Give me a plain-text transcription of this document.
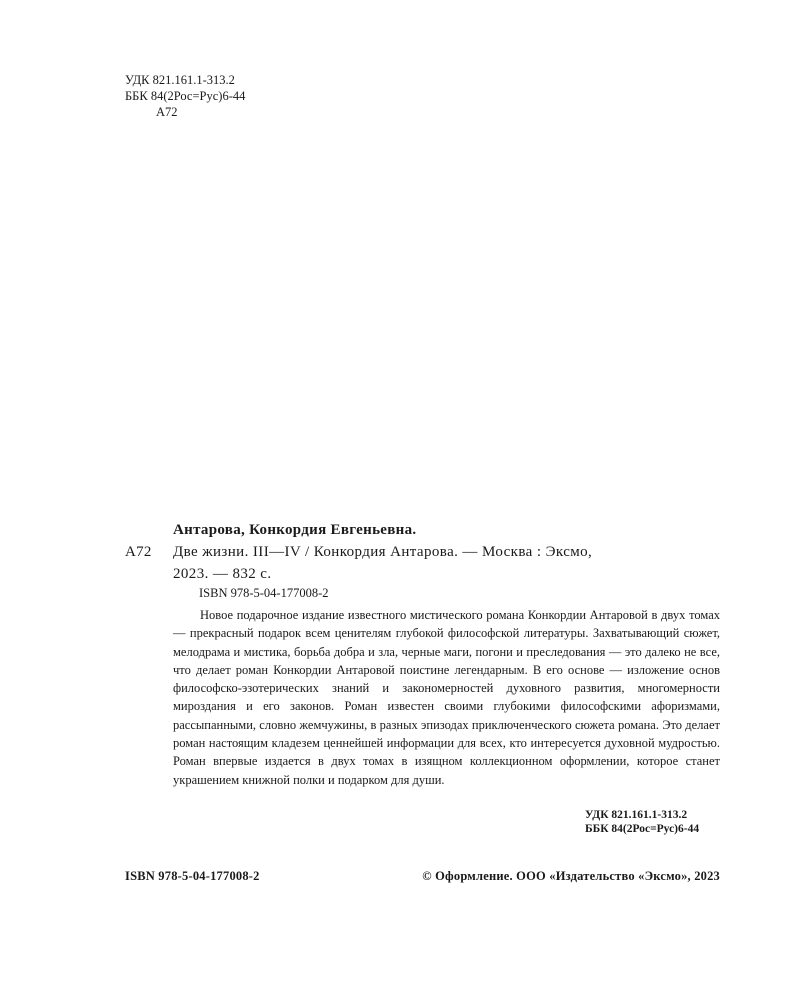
УДК 821.161.1-313.2
ББК 84(2Рос=Рус)6-44
А72
Антарова, Конкордия Евгеньевна.
А72 Две жизни. III—IV / Конкордия Антарова. — Москва : Эксмо,
2023. — 832 с.
ISBN 978-5-04-177008-2
Новое подарочное издание известного мистического романа Конкордии Антаровой в двух томах — прекрасный подарок всем ценителям глубокой философской литературы. Захватывающий сюжет, мелодрама и мистика, борьба добра и зла, черные маги, погони и преследования — это далеко не все, что делает роман Конкордии Антаровой поистине легендарным. В его основе — изложение основ философско-эзотерических знаний и закономерностей духовного развития, многомерности мироздания и его законов. Роман известен своими глубокими философскими афоризмами, рассыпанными, словно жемчужины, в разных эпизодах приключенческого сюжета романа. Это делает роман настоящим кладезем ценнейшей информации для всех, кто интересуется духовной мудростью. Роман впервые издается в двух томах в изящном коллекционном оформлении, которое станет украшением книжной полки и подарком для души.
УДК 821.161.1-313.2
ББК 84(2Рос=Рус)6-44
ISBN 978-5-04-177008-2	© Оформление. ООО «Издательство «Эксмо», 2023
